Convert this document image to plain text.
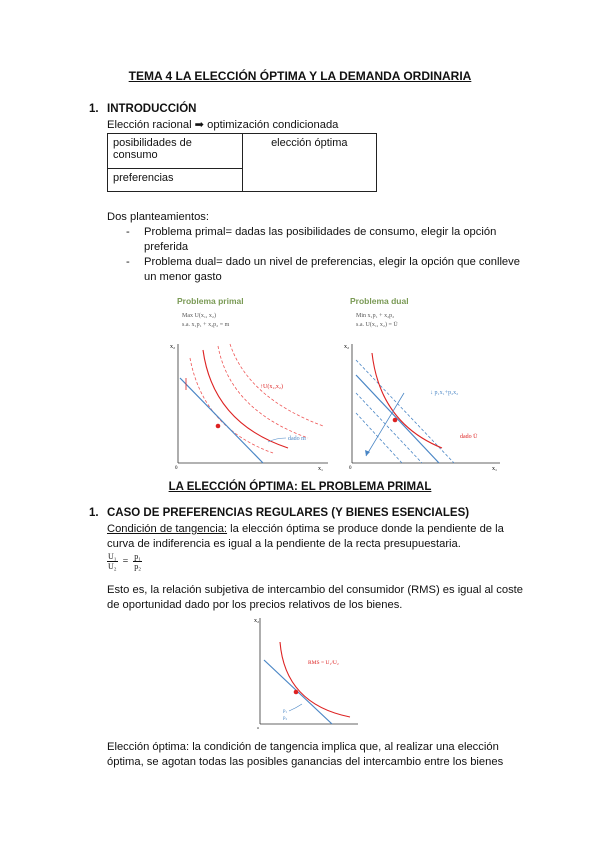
TEMA 4 LA ELECCIÓN ÓPTIMA Y LA DEMANDA ORDINARIA
1. INTRODUCCIÓN
Elección racional ➡ optimización condicionada
posibilidades de consumo	elección óptima
preferencias
Dos planteamientos:
- Problema primal= dadas las posibilidades de consumo, elegir la opción preferida
- Problema dual= dado un nivel de preferencias, elegir la opción que conlleve un menor gasto
Problema primal
Max U(x₁, x₂)
s.a. x₁p₁ + x₂p₂ = m
x₂
x₁
0
↑U(x₁,x₂)
dado m
Problema dual
Min x₁p₁ + x₂p₂
s.a. U(x₁, x₂) = Ū
x₂
x₁
0
↓ p₁x₁+p₂x₂
dado Ū
LA ELECCIÓN ÓPTIMA: EL PROBLEMA PRIMAL
1. CASO DE PREFERENCIAS REGULARES (Y BIENES ESENCIALES)
Condición de tangencia: la elección óptima se produce donde la pendiente de la curva de indiferencia es igual a la pendiente de la recta presupuestaria.
$\frac{\text{U₁}}{\text{U₂}} = \frac{\text{p₁}}{\text{p₂}}$
Esto es, la relación subjetiva de intercambio del consumidor (RMS) es igual al coste de oportunidad dado por los precios relativos de los bienes.
x₂
0
RMS = U₁/U₂
p₁
p₂
Elección óptima: la condición de tangencia implica que, al realizar una elección óptima, se agotan todas las posibles ganancias del intercambio entre los bienes
